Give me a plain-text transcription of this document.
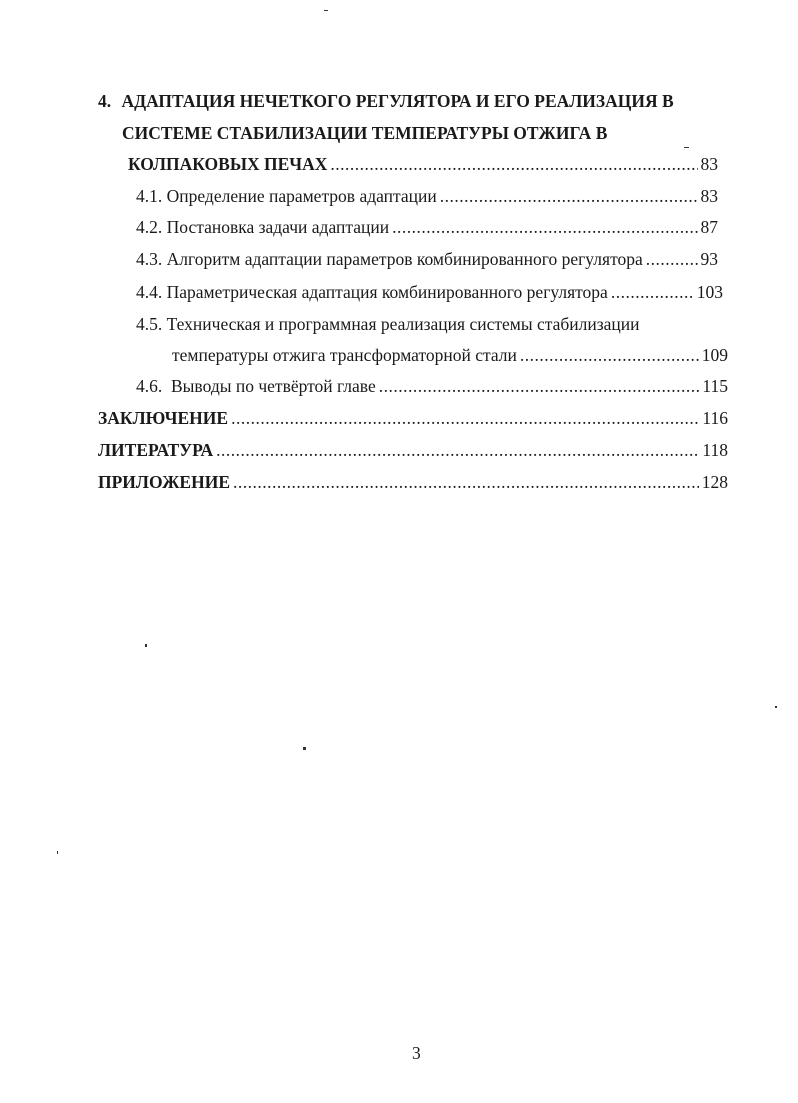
4. АДАПТАЦИЯ НЕЧЕТКОГО РЕГУЛЯТОРА И ЕГО РЕАЛИЗАЦИЯ В
СИСТЕМЕ СТАБИЛИЗАЦИИ ТЕМПЕРАТУРЫ ОТЖИГА В
КОЛПАКОВЫХ ПЕЧАХ .....	83
4.1. Определение параметров адаптации .....	83
4.2. Постановка задачи адаптации .....	87
4.3. Алгоритм адаптации параметров комбинированного регулятора .....	93
4.4. Параметрическая адаптация комбинированного регулятора .....	103
4.5. Техническая и программная реализация системы стабилизации
температуры отжига трансформаторной стали .....	109
4.6.  Выводы по четвёртой главе .....	115
ЗАКЛЮЧЕНИЕ .....	116
ЛИТЕРАТУРА .....	118
ПРИЛОЖЕНИЕ .....	128
3
